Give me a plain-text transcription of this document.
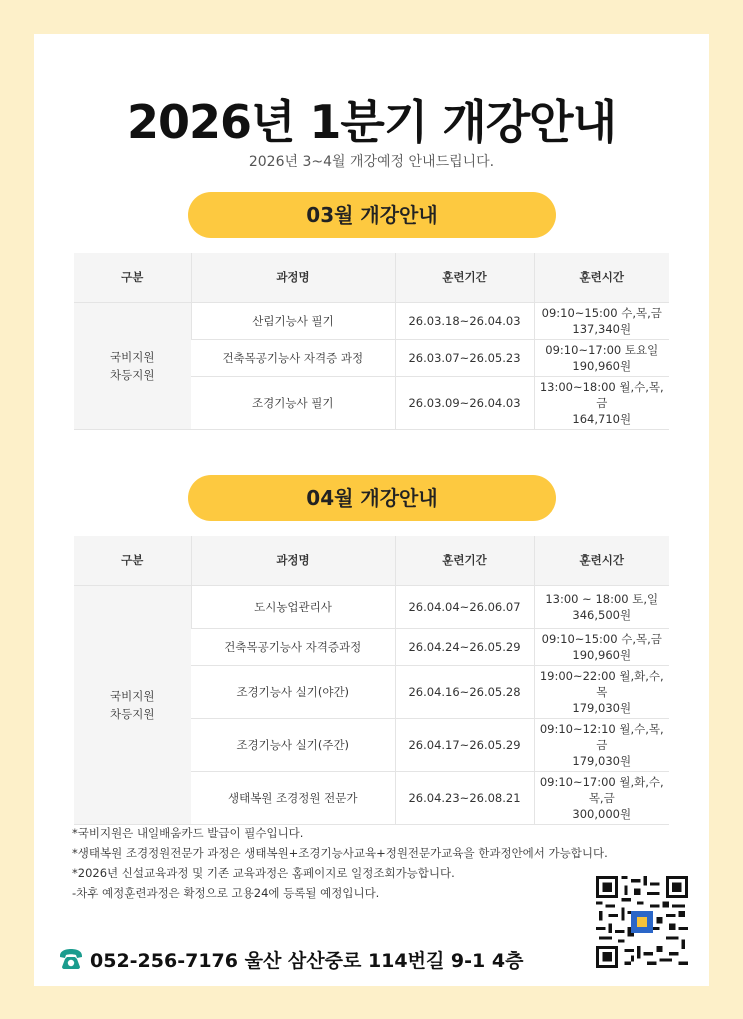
2026년 1분기 개강안내

2026년 3~4월 개강예정 안내드립니다.

03월 개강안내
구분	과정명	훈련기간	훈련시간

국비지원
차등지원	산림기능사 필기	26.03.18~26.04.03	09:10~15:00 수,목,금
137,340원

	건축목공기능사 자격증 과정	26.03.07~26.05.23	09:10~17:00 토요일
190,960원

	조경기능사 필기	26.03.09~26.04.03	13:00~18:00 월,수,목,금
164,710원
04월 개강안내
구분	과정명	훈련기간	훈련시간

국비지원
차등지원	도시농업관리사	26.04.04~26.06.07	13:00 ~ 18:00 토,일
346,500원

	건축목공기능사 자격증과정	26.04.24~26.05.29	09:10~15:00 수,목,금
190,960원

	조경기능사 실기(야간)	26.04.16~26.05.28	19:00~22:00 월,화,수,목
179,030원

	조경기능사 실기(주간)	26.04.17~26.05.29	09:10~12:10 월,수,목,금
179,030원

	생태복원 조경정원 전문가	26.04.23~26.08.21	09:10~17:00 월,화,수,목,금
300,000원
*국비지원은 내일배움카드 발급이 필수입니다.
*생태복원 조경정원전문가 과정은 생태복원+조경기능사교육+정원전문가교육을 한과정안에서 가능합니다.
*2026년 신설교육과정 및 기존 교육과정은 홈페이지로 일정조회가능합니다.
-차후 예정훈련과정은 확정으로 고용24에 등록될 예정입니다.
052-256-7176 울산 삼산중로 114번길 9-1 4층
